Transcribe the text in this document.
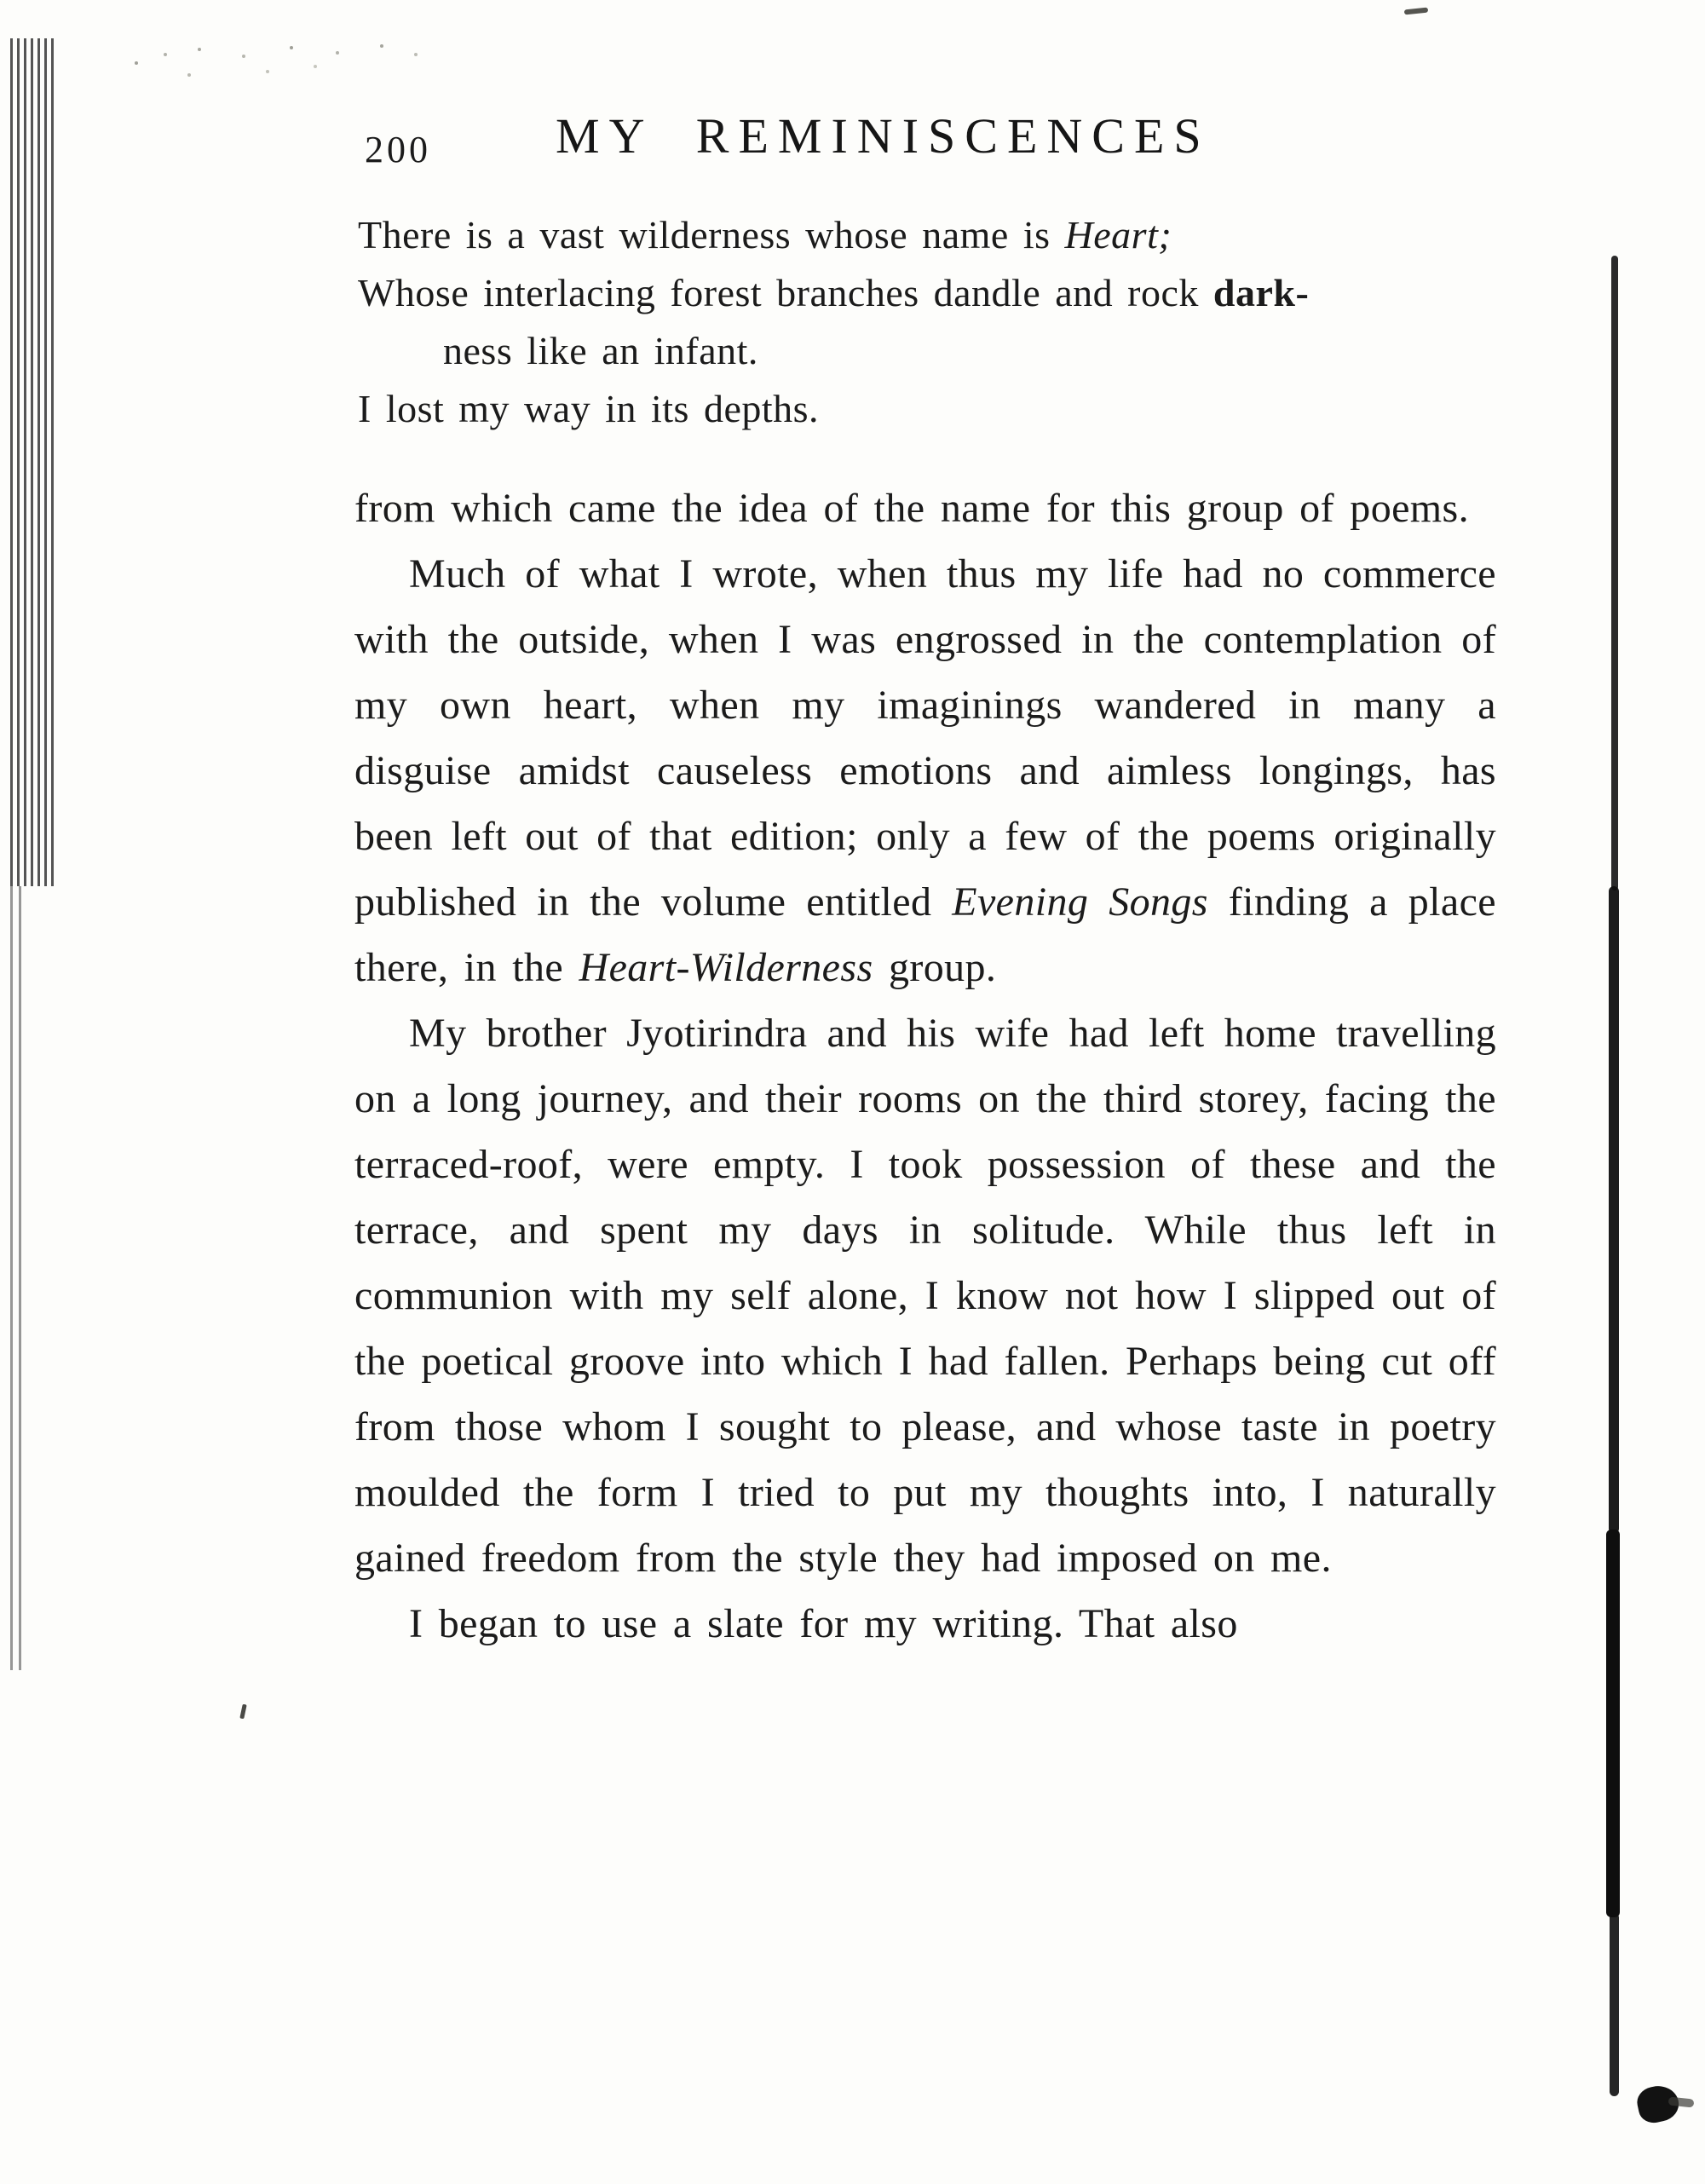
200	MY REMINISCENCES

There is a vast wilderness whose name is Heart;

Whose interlacing forest branches dandle and rock dark-

ness like an infant.

I lost my way in its depths.

from which came the idea of the name for this group of poems.

Much of what I wrote, when thus my life had no commerce with the outside, when I was engrossed in the contemplation of my own heart, when my imaginings wandered in many a disguise amidst causeless emotions and aimless longings, has been left out of that edition; only a few of the poems originally published in the volume entitled Evening Songs finding a place there, in the Heart-Wilderness group.

My brother Jyotirindra and his wife had left home travelling on a long journey, and their rooms on the third storey, facing the terraced-roof, were empty. I took possession of these and the terrace, and spent my days in solitude. While thus left in communion with my self alone, I know not how I slipped out of the poetical groove into which I had fallen. Perhaps being cut off from those whom I sought to please, and whose taste in poetry moulded the form I tried to put my thoughts into, I naturally gained freedom from the style they had imposed on me.

I began to use a slate for my writing. That also
